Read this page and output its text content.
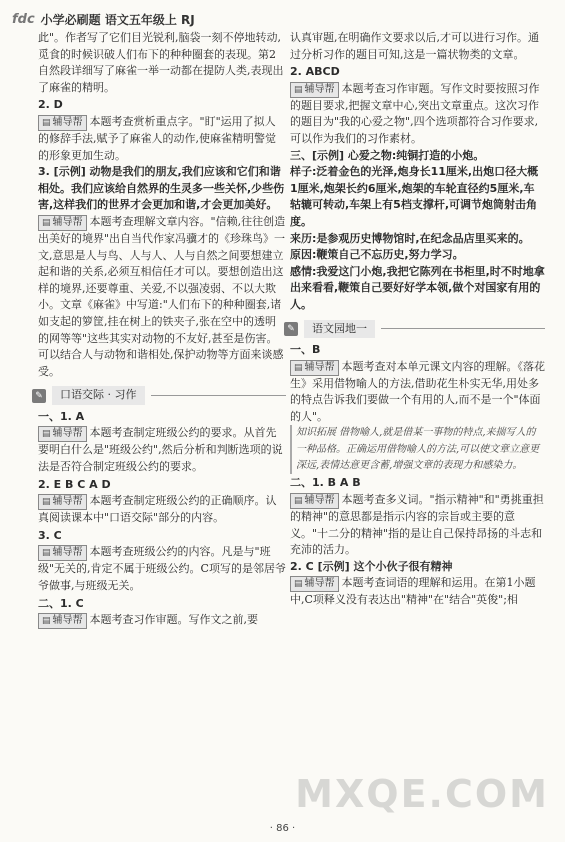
fdc 小学必刷题 语文五年级上 RJ

此"。作者写了它们目光锐利,脑袋一刻不停地转动,觅食的时候识破人们布下的种种圈套的表现。第2自然段详细写了麻雀一举一动都在提防人类,表现出了麻雀的精明。

2. D

▤ 辅导帮 本题考查赏析重点字。"盯"运用了拟人的修辞手法,赋予了麻雀人的动作,使麻雀精明警觉的形象更加生动。

3. [示例] 动物是我们的朋友,我们应该和它们和谐相处。我们应该给自然界的生灵多一些关怀,少些伤害,这样我们的世界才会更加和谐,才会更加美好。

▤ 辅导帮 本题考查理解文章内容。"信赖,往往创造出美好的境界"出自当代作家冯骥才的《珍珠鸟》一文,意思是人与鸟、人与人、人与自然之间要想建立起和谐的关系,必须互相信任才可以。要想创造出这样的境界,还要尊重、关爱,不以强凌弱、不以大欺小。文章《麻雀》中写道:"人们布下的种种圈套,诸如支起的箩筐,挂在树上的铁夹子,张在空中的透明的网等等"这些其实对动物的不友好,甚至是伤害。可以结合人与动物和谐相处,保护动物等方面来谈感受。

✎	口语交际 · 习作

一、1. A

▤ 辅导帮 本题考查制定班级公约的要求。从首先要明白什么是"班级公约",然后分析和判断选项的说法是否符合制定班级公约的要求。

2. E B C A D

▤ 辅导帮 本题考查制定班级公约的正确顺序。认真阅读课本中"口语交际"部分的内容。

3. C

▤ 辅导帮 本题考查班级公约的内容。凡是与"班级"无关的,肯定不属于班级公约。C项写的是邻居爷爷做事,与班级无关。

二、1. C

▤ 辅导帮 本题考查习作审题。写作文之前,要

认真审题,在明确作文要求以后,才可以进行习作。通过分析习作的题目可知,这是一篇状物类的文章。

2. ABCD

▤ 辅导帮 本题考查习作审题。写作文时要按照习作的题目要求,把握文章中心,突出文章重点。这次习作的题目为"我的心爱之物",四个选项都符合习作要求,可以作为我们的习作素材。

三、[示例] 心爱之物:纯铜打造的小炮。

样子:泛着金色的光泽,炮身长11厘米,出炮口径大概1厘米,炮架长约6厘米,炮架的车轮直径约5厘米,车轱辘可转动,车架上有5档支撑杆,可调节炮筒射击角度。

来历:是参观历史博物馆时,在纪念品店里买来的。

原因:鞭策自己不忘历史,努力学习。

感情:我爱这门小炮,我把它陈列在书柜里,时不时地拿出来看看,鞭策自己要好好学本领,做个对国家有用的人。

✎	语文园地一

一、B

▤ 辅导帮 本题考查对本单元课文内容的理解。《落花生》采用借物喻人的方法,借助花生朴实无华,用处多的特点告诉我们要做一个有用的人,而不是一个"体面的人"。

知识拓展 借物喻人,就是借某一事物的特点,来揣写人的一种品格。正确运用借物喻人的方法,可以使文章立意更深远,表情达意更含蓄,增强文章的表现力和感染力。

二、1. B A B

▤ 辅导帮 本题考查多义词。"指示精神"和"勇挑重担的精神"的意思都是指示内容的宗旨或主要的意义。"十二分的精神"指的是让自己保持昂扬的斗志和充沛的活力。

2. C [示例] 这个小伙子很有精神

▤ 辅导帮 本题考查词语的理解和运用。在第1小题中,C项释义没有表达出"精神"在"结合"英俊";相

MXQE.COM
· 86 ·
